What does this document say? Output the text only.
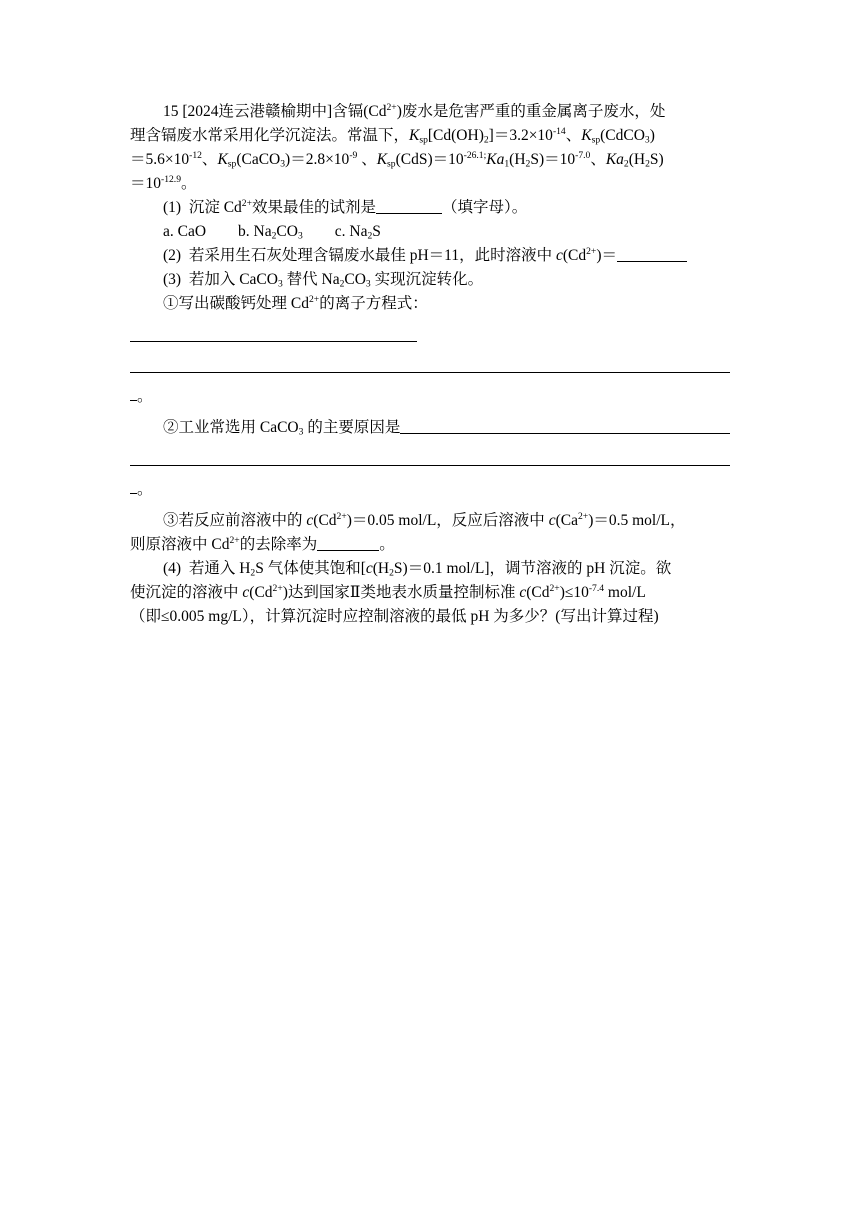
15 [2024连云港赣榆期中]含镉$(Cd^{2+})$废水是危害严重的重金属离子废水，处
理含镉废水常采用化学沉淀法。常温下，$K_{sp}[Cd(OH)_2]=3.2\times 10^{-14}$、$K_{sp}(CdCO_3)$
$=5.6\times 10^{-12}$、$K_{sp}(CaCO_3)=2.8\times 10^{-9}$ 、$K_{sp}(CdS)=10^{-26.1;}Ka_1(H_2S)=10^{-7.0}$、$Ka_2(H_2S)$
$=10^{-12.9}$。
(1)  沉淀 $Cd^{2+}$效果最佳的试剂是	（填字母）。
a. CaO b. $Na_2CO_3$ c. $Na_2S$
(2)  若采用生石灰处理含镉废水最佳 pH＝11，此时溶液中 $c(Cd^{2+})=$
(3)  若加入 CaCO$_3$ 替代 $Na_2CO_3$ 实现沉淀转化。
①写出碳酸钙处理 $Cd^{2+}$的离子方程式：
。
②工业常选用 CaCO$_3$ 的主要原因是
。
③若反应前溶液中的 $c(Cd^{2+})=0.05$ mol/L，反应后溶液中 $c(Ca^{2+})=0.5$ mol/L，
则原溶液中 $Cd^{2+}$的去除率为	。
(4)  若通入 $H_2S$ 气体使其饱和[$c(H_2S)=0.1$ mol/L]，调节溶液的 pH 沉淀。欲
使沉淀的溶液中 $c(Cd^{2+})$达到国家Ⅱ类地表水质量控制标准 $c(Cd^{2+})\le 10^{-7.4}$ mol/L
（即≤0.005 mg/L），计算沉淀时应控制溶液的最低 pH 为多少？(写出计算过程)
